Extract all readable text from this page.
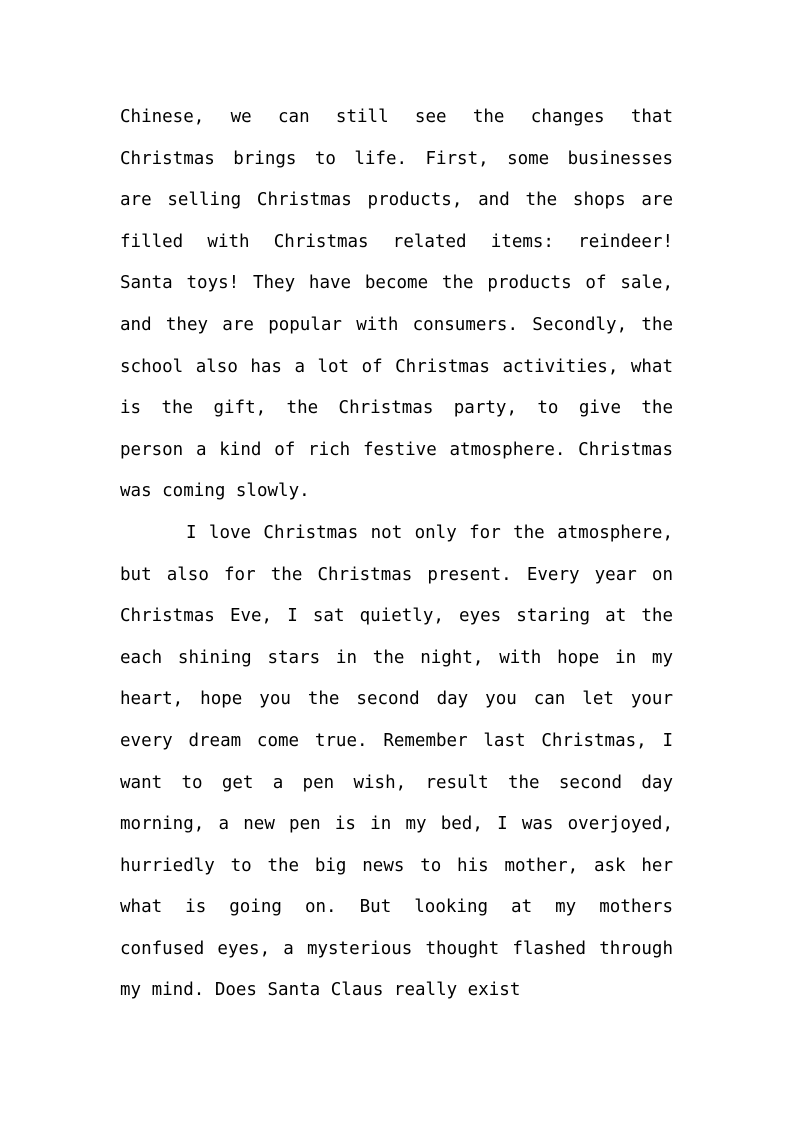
Chinese, we can still see the changes that
Christmas brings to life. First, some businesses
are selling Christmas products, and the shops are
filled with Christmas related items: reindeer!
Santa toys! They have become the products of sale,
and they are popular with consumers. Secondly, the
school also has a lot of Christmas activities, what
is the gift, the Christmas party, to give the
person a kind of rich festive atmosphere. Christmas
was coming slowly.
I love Christmas not only for the atmosphere,
but also for the Christmas present. Every year on
Christmas Eve, I sat quietly, eyes staring at the
each shining stars in the night, with hope in my
heart, hope you the second day you can let your
every dream come true. Remember last Christmas, I
want to get a pen wish, result the second day
morning, a new pen is in my bed, I was overjoyed,
hurriedly to the big news to his mother, ask her
what is going on. But looking at my mothers
confused eyes, a mysterious thought flashed through
my mind. Does Santa Claus really exist
